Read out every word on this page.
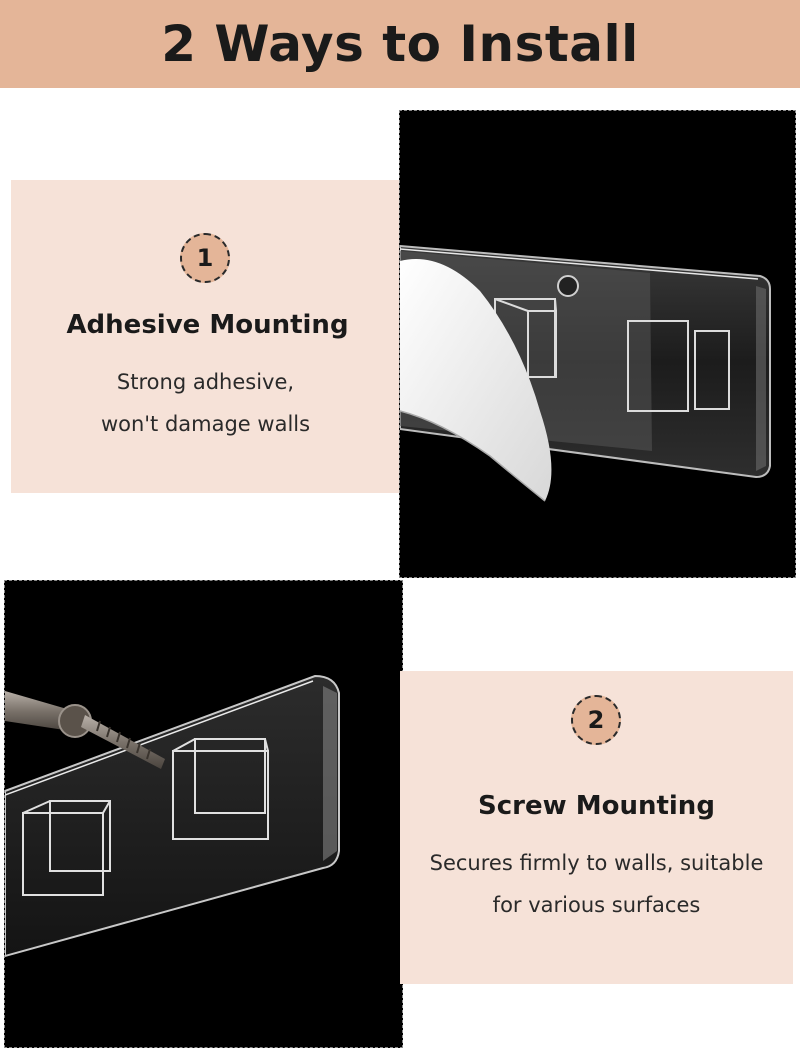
2 Ways to Install
1
Adhesive Mounting
Strong adhesive,
won't damage walls
2
Screw Mounting
Secures firmly to walls, suitable
for various surfaces
